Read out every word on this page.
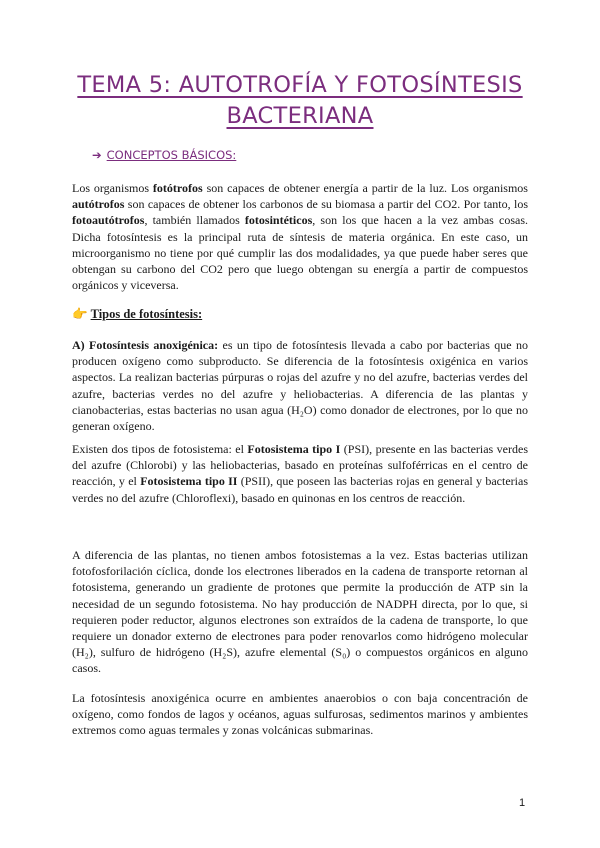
TEMA 5: AUTOTROFÍA Y FOTOSÍNTESIS
BACTERIANA
➔ CONCEPTOS BÁSICOS:

Los organismos fotótrofos son capaces de obtener energía a partir de la luz. Los organismos autótrofos son capaces de obtener los carbonos de su biomasa a partir del CO2. Por tanto, los fotoautótrofos, también llamados fotosintéticos, son los que hacen a la vez ambas cosas. Dicha fotosíntesis es la principal ruta de síntesis de materia orgánica. En este caso, un microorganismo no tiene por qué cumplir las dos modalidades, ya que puede haber seres que obtengan su carbono del CO2 pero que luego obtengan su energía a partir de compuestos orgánicos y viceversa.

👉 Tipos de fotosíntesis:

A) Fotosíntesis anoxigénica: es un tipo de fotosíntesis llevada a cabo por bacterias que no producen oxígeno como subproducto. Se diferencia de la fotosíntesis oxigénica en varios aspectos. La realizan bacterias púrpuras o rojas del azufre y no del azufre, bacterias verdes del azufre, bacterias verdes no del azufre y heliobacterias. A diferencia de las plantas y cianobacterias, estas bacterias no usan agua (H₂O) como donador de electrones, por lo que no generan oxígeno.

Existen dos tipos de fotosistema: el Fotosistema tipo I (PSI), presente en las bacterias verdes del azufre (Chlorobi) y las heliobacterias, basado en proteínas sulfoférricas en el centro de reacción, y el Fotosistema tipo II (PSII), que poseen las bacterias rojas en general y bacterias verdes no del azufre (Chloroflexi), basado en quinonas en los centros de reacción.

A diferencia de las plantas, no tienen ambos fotosistemas a la vez. Estas bacterias utilizan fotofosforilación cíclica, donde los electrones liberados en la cadena de transporte retornan al fotosistema, generando un gradiente de protones que permite la producción de ATP sin la necesidad de un segundo fotosistema. No hay producción de NADPH directa, por lo que, si requieren poder reductor, algunos electrones son extraídos de la cadena de transporte, lo que requiere un donador externo de electrones para poder renovarlos como hidrógeno molecular (H₂), sulfuro de hidrógeno (H₂S), azufre elemental (S₀) o compuestos orgánicos en alguno casos.

La fotosíntesis anoxigénica ocurre en ambientes anaerobios o con baja concentración de oxígeno, como fondos de lagos y océanos, aguas sulfurosas, sedimentos marinos y ambientes extremos como aguas termales y zonas volcánicas submarinas.

1
